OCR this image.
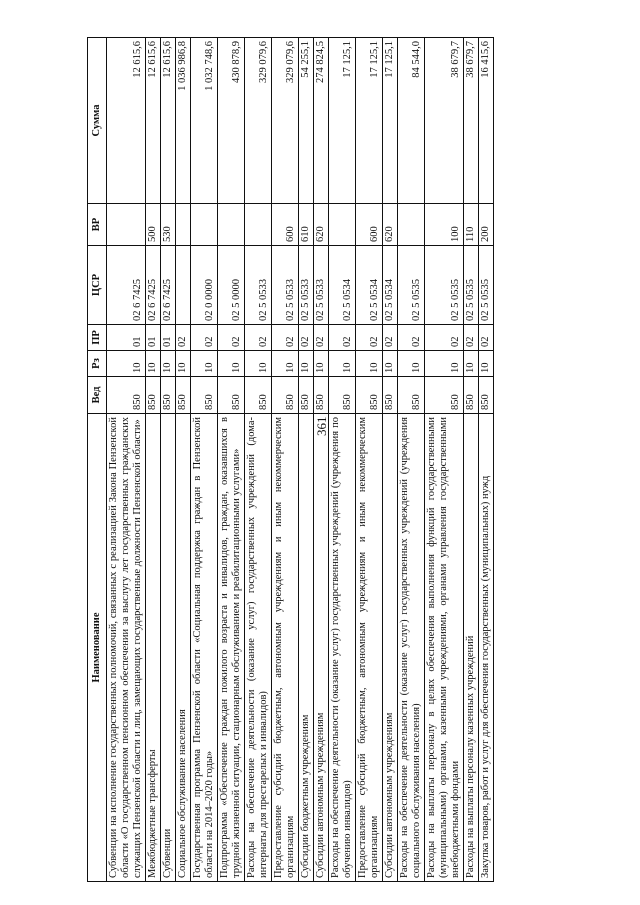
361
Наименование	Вед	Рз	ПР	ЦСР	ВР	Сумма
Субвенции на исполнение государственных полномочий, связанных с реализацией Закона Пензенской области «О государственном пенсионном обеспечении за выслугу лет государственных гражданских служащих Пензенской области и лиц, замещающих государственные должности Пензенской области»	850	10	01	02 6 7425		12 615,6
Межбюджетные трансферты	850	10	01	02 6 7425	500	12 615,6
Субвенции	850	10	01	02 6 7425	530	12 615,6
Социальное обслуживание населения	850	10	02			1 036 986,8
Государственная программа Пензенской области «Социальная поддержка граждан в Пензенской области на 2014–2020 годы»	850	10	02	02 0 0000		1 032 748,6
Подпрограмма «Обеспечение граждан пожилого возраста и инвалидов, граждан, оказавшихся в трудной жизненной ситуации, стационарным обслуживанием и реабилитационными услугами»	850	10	02	02 5 0000		430 878,9
Расходы на обеспечение деятельности (оказание услуг) государственных учреждений (дома-интернаты для престарелых и инвалидов)	850	10	02	02 5 0533		329 079,6
Предоставление субсидий бюджетным, автономным учреждениям и иным некоммерческим организациям	850	10	02	02 5 0533	600	329 079,6
Субсидии бюджетным учреждениям	850	10	02	02 5 0533	610	54 255,1
Субсидии автономным учреждениям	850	10	02	02 5 0533	620	274 824,5
Расходы на обеспечение деятельности (оказание услуг) государственных учреждений (учреждения по обучению инвалидов)	850	10	02	02 5 0534		17 125,1
Предоставление субсидий бюджетным, автономным учреждениям и иным некоммерческим организациям	850	10	02	02 5 0534	600	17 125,1
Субсидии автономным учреждениям	850	10	02	02 5 0534	620	17 125,1
Расходы на обеспечение деятельности (оказание услуг) государственных учреждений (учреждения социального обслуживания населения)	850	10	02	02 5 0535		84 544,0
Расходы на выплаты персоналу в целях обеспечения выполнения функций государственными (муниципальными) органами, казенными учреждениями, органами управления государственными внебюджетными фондами	850	10	02	02 5 0535	100	38 679,7
Расходы на выплаты персоналу казенных учреждений	850	10	02	02 5 0535	110	38 679,7
Закупка товаров, работ и услуг для обеспечения государственных (муниципальных) нужд	850	10	02	02 5 0535	200	16 415,6
